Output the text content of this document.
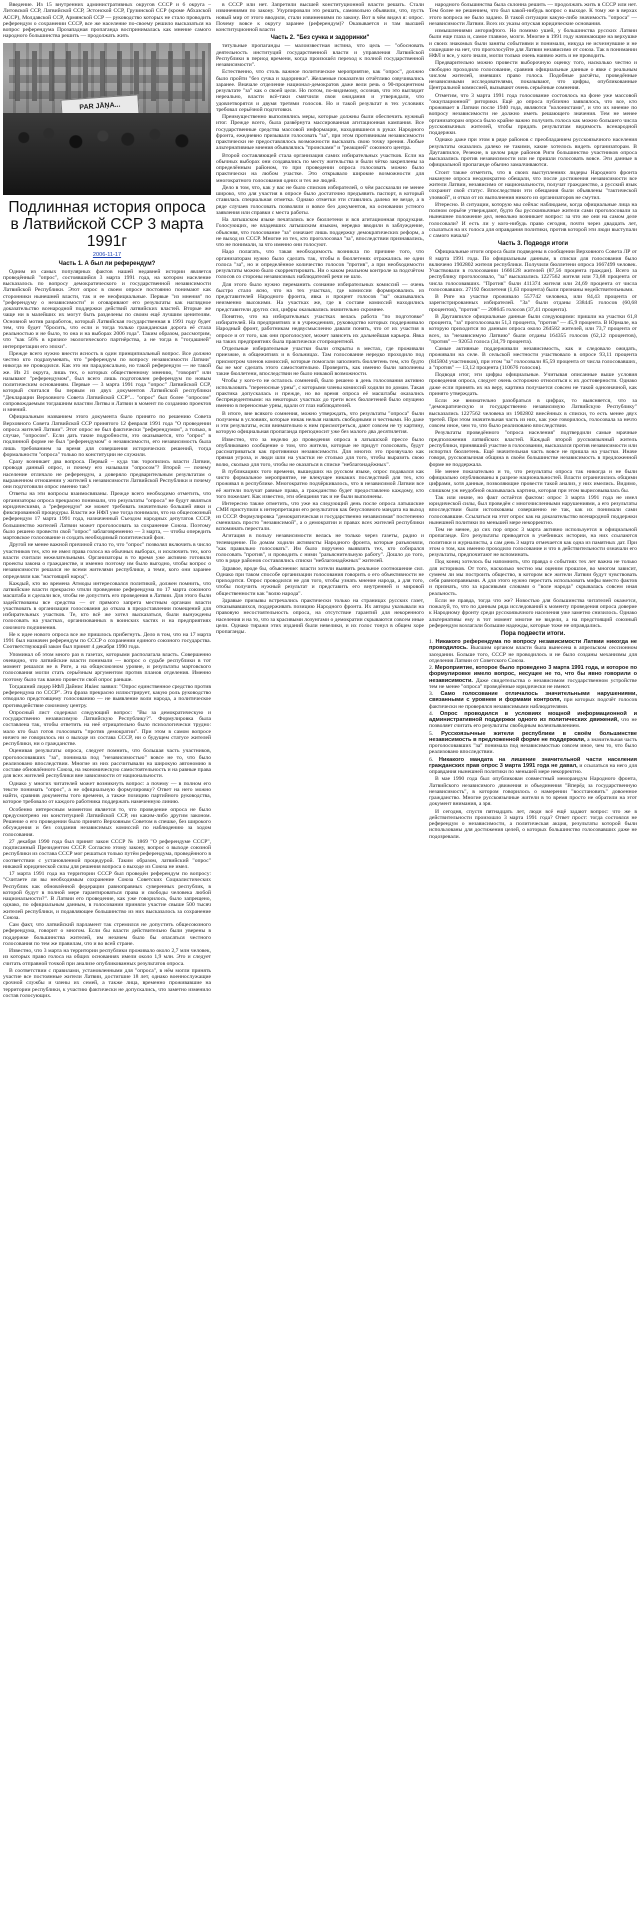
Введение. Из 15 внутренних административных округов СССР и 6 округа – Литовской ССР, Латвийской ССР, Эстонской ССР, Грузинской ССР (кроме Абхазской АССР), Молдавской ССР, Армянской ССР — руководство которых не стало проводить референдум о сохранении СССР, все же население по-своему решило высказаться на вопрос референдума Прозападная пропаганда воспринималась как мнение самого народного большинства решить — продолжать жить

PAR JĀŅA...
Подлинная история опроса в Латвийской ССР 3 марта 1991г
2006-11-17
Часть 1. А был ли референдум?

Одним из самых популярных фактов нашей недавней истории является проведённый "опрос", состоявшийся 3 марта 1991 года, на котором население высказалось по вопросу демократического и государственной независимости Латвийской Республики. Этот опрос в своем опросе постоянно понимают как сторонники нынешней власти, так и ее неофициальные. Первые "из мнения" по "референдуму о независимости" и оговаривают его результаты как наглядное доказательство всенародной поддержки действий латвийских властей. Вторые же чаще ни в малейших их могут быть разделены по своим ещё лучшим ценителям. Основной мотив разработок, который Латвийская государственная в 1991 году будет тем, что будет "бросить, что если и тогда только гражданская дорога её стала реальностью и не было, то она и на выборах 2006 года". Таким образом, рассмотрим, что "как 56% в кризисе экологического партнёрства, а не тогда в "тогдашней" интерпретации его эпохи".

Прежде всего нужно внести ясность в один принципиальный вопрос. Все должно честно кто подразумевать, что "референдум по вопросу независимости Латвии" никогда не проводился. Как это ни парадоксально, но такой референдум — не такой же. Из 21 округа, лишь тех, о которых общественному мнению, "говорят" или называют "референдумом", был всего лишь подготовлен референдум по новым политическим основаниям. Первые — 3 марта 1991 года "опрос" Латвийской ССР, который считался бы первым из двух документов Латвийской республики "Декларации Верховного Совета Латвийской ССР"... "опрос" был более "опросом" сопровождаемым тогдашним властям Литвы и Латвии в момент по созданию проектов и мнений.

Официальным названием этого документа было принято по решению Совета Верховного Совета Латвийской ССР принятого 12 февраля 1991 года "О проведении опроса жителей Латвии". Этот опрос не был фактически "референдумом", а только, в случае, "опросом". Если дать такие подробности, это оказывается, что "опрос" в подлинной форме не был "референдумом" о независимости, его независимость была лишь требованием за время для совершения исторических решений, тогда формальности "опроса" только по конституции не служили.

Сразу возникает два вопроса. Первый – куда так торопились власти Латвии, проводя данный опрос, и почему его называли "опросом"? Второй — почему население отличало не референдум, а доверяло предварительным результатам о выраженном отношении у жителей к независимости Латвийской Республики и почему они подготовили опрос именно так?

Ответы на эти вопросы взаимосвязаны. Прежде всего необходимо отметить, что организаторы опроса прекрасно понимали, что результаты "опроса" не будут являться юридическими, а "референдум" же может требовать значительно большей явки и фиксированной процедуры. Власти же НФЛ уже тогда понимали, что на общесоюзный референдум 17 марта 1991 года, назначенный Съездом народных депутатов СССР, большинство жителей Латвии может проголосовать за сохранение Союза. Поэтому было решено провести свой "опрос" заблаговременно — 3 марта, — чтобы опередить мартовское голосование и создать необходимый политический фон.

Другой не менее важной причиной стало то, что "опрос" позволял включить в число участников тех, кто не имел права голоса на обычных выборах, и исключить тех, кого власти считали нежелательными. Организаторы в то время уже активно готовили проекты закона о гражданстве, и именно поэтому им было выгодно, чтобы вопрос о независимости решался не всеми жителями республики, а теми, кого они заранее определяли как "настоящий народ".

Каждый, кто во времена Атмоды интересовался политикой, должен помнить, что латвийские власти прекрасно чтили проведение референдума по 17 марта союзного масштаба и сделали все, чтобы не допустить его проведения в Латвии. Для этого были задействованы все средства — от прямого запрета местным органам власти участвовать в организации голосования до отказа в предоставлении помещений для избирательных участков. Те, кто всё же хотел высказаться, были вынуждены голосовать на участках, организованных в воинских частях и на предприятиях союзного подчинения.

Не к идее нового опроса все же пришлось прибегнуть. Дело в том, что на 17 марта 1991 был назначен референдум по СССР о сохранении единого союзного государства. Соответствующий закон был принят 4 декабря 1990 года.

Упоминал об этом много раз в газетах, которыми располагала власть. Совершенно очевидно, что латвийские власти понимали — вопрос о судьбе республики в тот момент решался не в Риге, а на общесоюзном уровне, и результаты мартовского голосования могли стать серьёзным аргументом против планов отделения. Именно поэтому было так важно провести свой опрос раньше.

Тогдашний лидер НФЛ Дайнис Ивáнс заявил: "Опрос единственное средство против референдума по СССР". Эта фраза прекрасно иллюстрирует, какую роль руководство отводило предстоящему голосованию — не выявление воли народа, а политическое противодействие союзному центру.

Опросный лист содержал следующий вопрос: "Вы за демократическую и государственно независимую Латвийскую Республику?". Формулировка была составлена так, чтобы ответить на неё отрицательно было психологически трудно: мало кто был готов голосовать "против демократии". При этом в самом вопросе ничего не говорилось ни о выходе из состава СССР, ни о будущем статусе жителей республики, ни о гражданстве.

Оценивая результаты опроса, следует помнить, что большая часть участников, проголосовавших "за", понимала под "независимостью" вовсе не то, что было реализовано впоследствии. Многие из них рассчитывали на широкую автономию в составе обновлённого Союза, на экономическую самостоятельность и на равные права для всех жителей республики вне зависимости от национальности.

Однако у многих читателей может возникнуть вопрос: а почему — в полном его тексте понимать "опрос", а не официальную формулировку? Ответ на него можно найти, сравнив документы того времени, а также позицию партийного руководства, которое требовало от каждого работника поддержать намеченную линию.

Особенно интересным моментом является то, что проведение опроса не было предусмотрено ни конституцией Латвийской ССР, ни каким-либо другим законом. Решение о его проведении было принято Верховным Советом в спешке, без широкого обсуждения и без создания независимых комиссий по наблюдению за ходом голосования.

27 декабря 1990 года был принят закон СССР № 1869 "О референдуме СССР", подписанный Президентом СССР. Согласно этому закону, вопрос о выходе союзной республики из состава СССР мог решаться только путём референдума, проведённого в соответствии с установленной процедурой. Таким образом, латвийский "опрос" никакой юридической силы для решения вопроса о выходе из Союза не имел.

17 марта 1991 года на территории СССР был проведён референдум по вопросу: "Считаете ли вы необходимым сохранение Союза Советских Социалистических Республик как обновлённой федерации равноправных суверенных республик, в которой будут в полной мере гарантироваться права и свободы человека любой национальности?". В Латвии его проведение, как уже говорилось, было запрещено, однако, по официальным данным, в голосовании приняли участие свыше 500 тысяч жителей республики, и подавляющее большинство из них высказалось за сохранение Союза.

Сам факт, что латвийский парламент так стремился не допустить общесоюзного референдума, говорит о многом. Если бы власти действительно были уверены в поддержке большинства жителей, им незачем было бы опасаться честного голосования по тем же правилам, что и во всей стране.

Известно, что 3 марта на территории республики проживало около 2,7 млн человек, из которых право голоса на общих основаниях имели около 1,9 млн. Это и следует считать отправной точкой при анализе опубликованных результатов опроса.

В соответствии с правилами, установленными для "опроса", в нём могли принять участие все постоянные жители Латвии, достигшие 18 лет, однако военнослужащие срочной службы и члены их семей, а также лица, временно проживавшие на территории республики, к участию фактически не допускались, что заметно изменило состав голосующих.

в СССР или нет. Запретили высшей конституционной власти решать. Стали извинениями по закону. Узурпировали это решать, самовольно объявили, что, пусть новый мир от этого вводили, стали извинениями по закону. Вот в чём видел я: опрос. Почему вовсе к округу заранее (референдум)? Оказывается и там высшей конституционной власти

Часть 2. "Без сучка и задоринки"

титульные пропаганды — малоизвестная истина, что цель — "обосновать деятельность институций государственной власти и управления Латвийской Республики в период времени, когда произошёл переход к полной государственной независимости".

Естественно, что столь важное политическое мероприятие, как "опрос", должно было пройти "без сучка и задоринки". Желаемые показатели отчётливо озвучивались заранее. Вначале отделение национал-демократов даже вели речь о 90-процентном результате "за" как о своей цели. Но потом, по-видимому, осознав, что это выглядит нереально, власти всё-таки смягчили свои ожидания и утверждали, что удовлетворятся и двумя третями голосов. Но и такой результат в тех условиях требовал серьёзной подготовки.

Преимущественно выполнялись меры, которые должны были обеспечить нужный итог. Прежде всего, была развёрнута массированная агитационная кампания. Все государственные средства массовой информации, находившиеся в руках Народного фронта, ежедневно призывали голосовать "за", при этом противникам независимости практически не предоставлялось возможности высказать свою точку зрения. Любые альтернативные мнения объявлялись "происками" и "реакцией" союзного центра.

Второй составляющей стала организация самих избирательных участков. Если на обычных выборах они создавались по месту жительства и были чётко закреплены за определённым районом, то при проведении опроса голосовать можно было практически на любом участке. Это открывало широкие возможности для многократного голосования одних и тех же людей.

Дело в том, что, как у вас не было списков избирателей, о чём рассказали не менее широко, что для участия в опросе было достаточно предъявить паспорт, в который ставилась специальная отметка. Однако отметки эти ставились далеко не везде, а в ряде случаев голосовать позволяли и вовсе без документов, на основании устного заявления или справки с места работы.

На латышском языке печатались все бюллетени и вся агитационная продукция. Голосующих, не владевших латышским языком, нередко вводили в заблуждение, объясняя, что голосование "за" означает лишь поддержку демократических реформ, а не выход из СССР. Многие из тех, кто проголосовал "за", впоследствии признавались, что не понимали, за что именно они голосуют.

Надо полагать, что такая необходимость возникла по причине того, что организаторам нужно было сделать так, чтобы в бюллетенях отражались не одни голоса "за", но и определённое количество голосов "против", а при необходимости результаты можно было скорректировать. Ни о каком реальном контроле за подсчётом голосов со стороны независимых наблюдателей речи не шло.

Для этого было нужно переманить сознание избирательных комиссий — очень быстро стало ясно, что на тех участках, где комиссии формировались из представителей Народного фронта, явка и процент голосов "за" оказывались неизменно высокими. На участках же, где в составе комиссий находились представители других сил, цифры оказывались значительно скромнее.

Понятно, что на избирательных участках велась работа "по подготовке" избирателей. На предприятиях и в учреждениях, руководство которых поддерживало Народный фронт, работникам недвусмысленно давали понять, что от их участия в опросе и от того, как они проголосуют, может зависеть их дальнейшая карьера. Явка на таких предприятиях была практически стопроцентной.

Отдельные избирательные участки были открыты в местах, где проживали приезжие, в общежитиях и в больницах. Там голосование нередко проходило под присмотром членов комиссий, которые помогали заполнить бюллетень тем, кто будто бы не мог сделать этого самостоятельно. Проверить, как именно были заполнены такие бюллетени, впоследствии не было никакой возможности.

Чтобы у кого-то не осталось сомнений, было решено в день голосования активно использовать "переносные урны", с которыми члены комиссий ходили по домам. Такая практика допускалась и прежде, но во время опроса её масштабы оказались беспрецедентными: на некоторых участках до трети всех бюллетеней было опущено именно в переносные урны, вдали от глаз наблюдателей.

В итоге, вне всякого сомнения, можно утверждать, что результаты "опроса" были получены в условиях, которые никак нельзя назвать свободными и честными. Но даже и эти результаты, если внимательно к ним присмотреться, дают совсем не ту картину, которую официальная пропаганда преподносит уже без малого два десятилетия.

Известно, что за неделю до проведения опроса в латышской прессе было опубликовано сообщение о том, что жители, которые не придут голосовать, будут рассматриваться как противники независимости. Для многих это прозвучало как прямая угроза, и люди шли на участки не столько для того, чтобы выразить свою волю, сколько для того, чтобы не оказаться в списке "неблагонадёжных".

В публикациях того времени, вышедших на русском языке, опрос подавался как чисто формальное мероприятие, не влекущее никаких последствий для тех, кто проживал в республике. Многократно подчёркивалось, что в независимой Латвии все её жители получат равные права, а гражданство будет предоставлено каждому, кто того пожелает. Как известно, эти обещания так и не были выполнены.

Интересно также отметить, что уже на следующий день после опроса латышские СМИ приступили к интерпретации его результатов как безусловного мандата на выход из СССР. Формулировка "демократическая и государственно независимая" постепенно сменилась просто "независимой", а о демократии и правах всех жителей республики вспоминать перестали.

Агитация в пользу независимости велась не только через газеты, радио и телевидение. По домам ходили активисты Народного фронта, которые разъясняли, "как правильно голосовать". Им было поручено выявлять тех, кто собирался голосовать "против", и проводить с ними "разъяснительную работу". Дошло до того, что в ряде районов составлялись списки "неблагонадёжных" жителей.

Здравое, вроде бы, объяснение: власти хотели выявить реальное соотношение сил. Однако при таком способе организации голосования говорить о его объективности не приходится. Опрос проводился не для того, чтобы узнать мнение народа, а для того, чтобы получить нужный результат и представить его внутренней и мировой общественности как "волю народа".

Здравые призывы встречались практически только на страницах русских газет, отказывавшихся, поддерживать позицию Народного фронта. Их авторы указывали на правовую несостоятельность опроса, на отсутствие гарантий для некоренного населения и на то, что за красивыми лозунгами о демократии скрываются совсем иные цели. Однако тиражи этих изданий были невелики, и их голос тонул в общем хоре пропаганды.

народного большинства была склонна решить — продолжать жить в СССР или нет. Тем более не решением, что был какой-нибудь вопрос о выходе. К тому же в верхах этого вопроса не было задано. В такой ситуации какую-либо значимость "опроса" — независимости Латвии. Всех их указы опуская юридические основания.

измышлениями ангорифтого. Но помимо ушей, у большинства русских Латвии были еще глаза и, самое главное, мозги. Многие в 1991 году начинающие на верхушке и своих знакомых были заняты событиями и понимали, никуда не исчезнувшие и не сошедшие на нет, что проголосуйте для Латвии независимо от союза. Так в понимании НФЛ и все, у кого знали, могли только очень наивно жить и не проводить.

Предварительно можно провести выборочную оценку того, насколько честно и свободно проходило голосование, сравнив официальные данные о явке с реальным числом жителей, имевших право голоса. Подобные расчёты, проведённые независимыми исследователями, показывают, что цифры, опубликованные Центральной комиссией, вызывают очень серьёзные сомнения.

Отметим, что 3 марта 1991 года голосование состоялось на фоне уже массовой "оккупационной" риторики. Ещё до опроса публично заявлялось, что все, кто проживает в Латвии после 1940 года, являются "колонистами", и что их мнение по вопросу независимости не должно иметь решающего значения. Тем не менее организаторам опроса было крайне важно получить голоса как можно большего числа русскоязычных жителей, чтобы придать результатам видимость всенародной поддержки.

Однако даже при этом в ряде районов с преобладанием русскоязычного населения результаты оказались далеко не такими, какие хотелось видеть организаторам. В Даугавпилсе, Резекне, в целом ряде районов Риги большинство участников опроса высказались против независимости или не пришли голосовать вовсе. Эти данные в официальной пропаганде обычно замалчиваются.

Стоит также отметить, что в своих выступлениях лидеры Народного фронта накануне опроса неоднократно обещали, что после достижения независимости все жители Латвии, независимо от национальности, получат гражданство, а русский язык сохранит свой статус. Впоследствии эти обещания были объявлены "тактической уловкой", и отказ от их выполнения никого из организаторов не смутил.

Итересно. В ситуации, которую мы сейчас наблюдаем, когда официальные лица на полном серьёзе утверждают, будто бы русскоязычные жители сами проголосовали за нынешнее положение дел, невольно возникает вопрос: за что же они на самом деле голосовали? И есть ли у кого-нибудь право сегодня, почти через двадцать лет, ссылаться на их голоса для оправдания политики, против которой эти люди выступали с самого начала?

Часть 3. Подводя итоги

Официальные итоги опроса были подведены в сообщении Верховного Совета ЛР от 8 марта 1991 года. По официальным данным, в списки для голосования было включено 1902802 жителя республики. Получили бюллетени опроса 1667499 человек. Участвовали в голосовании 1666128 жителей (87,56 процента граждан). Всего за республику проголосовало, "за" высказались 1227562 жителя или 73,68 процента от числа голосовавших. "Против" были 411374 жителя или 24,69 процента от числа голосовавших. 27192 бюллетеня (1,63 процента) были признаны недействительными.

В Риге на участке проживало 557742 человека, или 84,43 процента от зарегистрированных избирателей. "За" были отданы 338445 голосов (60,68 процентов), "против" — 208645 голосов (37,41 процента).

В Даугавпилсе официальные данные были следующими: пришли на участки 61,8 процента, "за" проголосовали 51,3 процента, "против" — 45,9 процента. В Юрмале, на которую приходится по данным опроса около 264582 жителей, или 73,7 процента от всех, за "независимую Латвию" были отданы 164355 голосов (62,12 процентов), "против" — 92053 голоса (34,79 процента).

Самые активные поддерживали независимость, как и следовало ожидать, проживали на селе. В сельской местности участвовало в опросе 93,11 процента (845804 участников), при этом "за" голосовали 85,59 процента от числа голосовавших, а "против" — 13,12 процента (110676 голосов).

Подводя итог, эти цифры официальные. Учитывая описанные выше условия проведения опроса, следует очень осторожно относиться к их достоверности. Однако даже если принять их на веру, картина получается совсем не такой однозначной, как принято утверждать.

Если же внимательно разобраться в цифрах, то выясняется, что за "демократическую и государственно независимую Латвийскую Республику" высказались 1227562 человека из 1902802 внесённых в списки, то есть менее двух третей. При этом значительная часть из них, как уже говорилось, голосовала за нечто совсем иное, чем то, что было реализовано впоследствии.

Результаты проведённого "опроса населения" подтвердили самые мрачные предположения латвийских властей. Каждый второй русскоязычный житель республики, принявший участие в голосовании, высказался против независимости или испортил бюллетень. Ещё значительная часть вовсе не пришла на участки. Иначе говоря, русскоязычная община в своём большинстве независимость в предложенной форме не поддержала.

Не менее показательно и то, что результаты опроса так никогда и не были официально опубликованы в разрезе национальностей. Власти ограничились общими цифрами, хотя данные, позволяющие провести такой анализ, у них имелись. Видимо, слишком уж неудобной оказывалась картина, которая при этом вырисовывалась бы.

Так или иначе, но факт остаётся фактом: опрос 3 марта 1991 года не имел юридической силы, был проведён с многочисленными нарушениями, а его результаты впоследствии были истолкованы совершенно не так, как их понимали сами голосовавшие. Ссылаться на этот опрос как на доказательство всенародной поддержки нынешней политики по меньшей мере некорректно.

Тем не менее, до сих пор опрос 3 марта активно используется в официальной пропаганде. Его результаты приводятся в учебниках истории, на них ссылаются политики и журналисты, а сам день 3 марта отмечается как одна из памятных дат. При этом о том, как именно проходило голосование и что в действительности означали его результаты, предпочитают не вспоминать.

Под конец хотелось бы напомнить, что правда о событиях тех лет важна не только для историков. От того, насколько честно мы оценим прошлое, во многом зависит, сумеем ли мы построить общество, в котором все жители Латвии будут чувствовать себя равноправными. А для этого нужно перестать использовать мифы вместо фактов и признать, что за красивыми словами о "воле народа" скрывалась совсем иная реальность.

Если не правда, тогда что же? Новостью для большинства читателей окажется, пожалуй, то, что по данным ряда исследований к моменту проведения опроса доверие к Народному фронту среди русскоязычного населения уже заметно снизилось. Однако альтернативы ему в тот момент многие не видели, а на предстоящий союзный референдум возлагали большие надежды, которые тоже не оправдались.

Пора подвести итоги.

1. Никакого референдума по вопросу независимости Латвии никогда не проводилось. Высшим органом власти была вынесена в апрельском сессионном заседании. Больше того, СССР не проводилось и не было созданы механизмы для отделения Латвии от Советского Союза.

2. Мероприятие, которое было проведено 3 марта 1991 года, и которое по формулировке имело вопрос, несущее не то, что бы явно говорили о независимости. Даже свидетельства о независимом государственном устройстве тем не менее "опроса" проведённые юридически не имеют.

3. Само голосование отличалось значительными нарушениями, связанными с уровнем и формами контроля, при которых подсчёт голосов фактически не проверялся независимыми наблюдателями.

4. Опрос проводился в условиях мощной информационной и административной поддержки одного из политических движений, что не позволяет считать его результаты свободным волеизъявлением.

5. Русскоязычные жители республики в своём большинстве независимость в предложенной форме не поддержали, а значительная часть проголосовавших "за" понимала под независимостью совсем иное, чем то, что было реализовано впоследствии.

6. Никакого мандата на лишение значительной части населения гражданских прав опрос 3 марта 1991 года не давал, и ссылаться на него для оправдания нынешней политики по меньшей мере некорректно.

В мае 1990 года был опубликован совместный меморандум Народного фронта, Латвийского независимого движения и объединения "Вперёд за государственную независимость", в котором говорилось о намерении "восстановить" довоенное гражданство. Многие русскоязычные жители в то время просто не обратили на этот документ внимания, а зря.

И сегодня, спустя пятнадцать лет, люди всё ещё задают вопрос: что же в действительности произошло 3 марта 1991 года? Ответ прост: тогда состоялся не референдум о независимости, а политическая акция, результаты которой были использованы для достижения целей, о которых большинство голосовавших даже не подозревали.
